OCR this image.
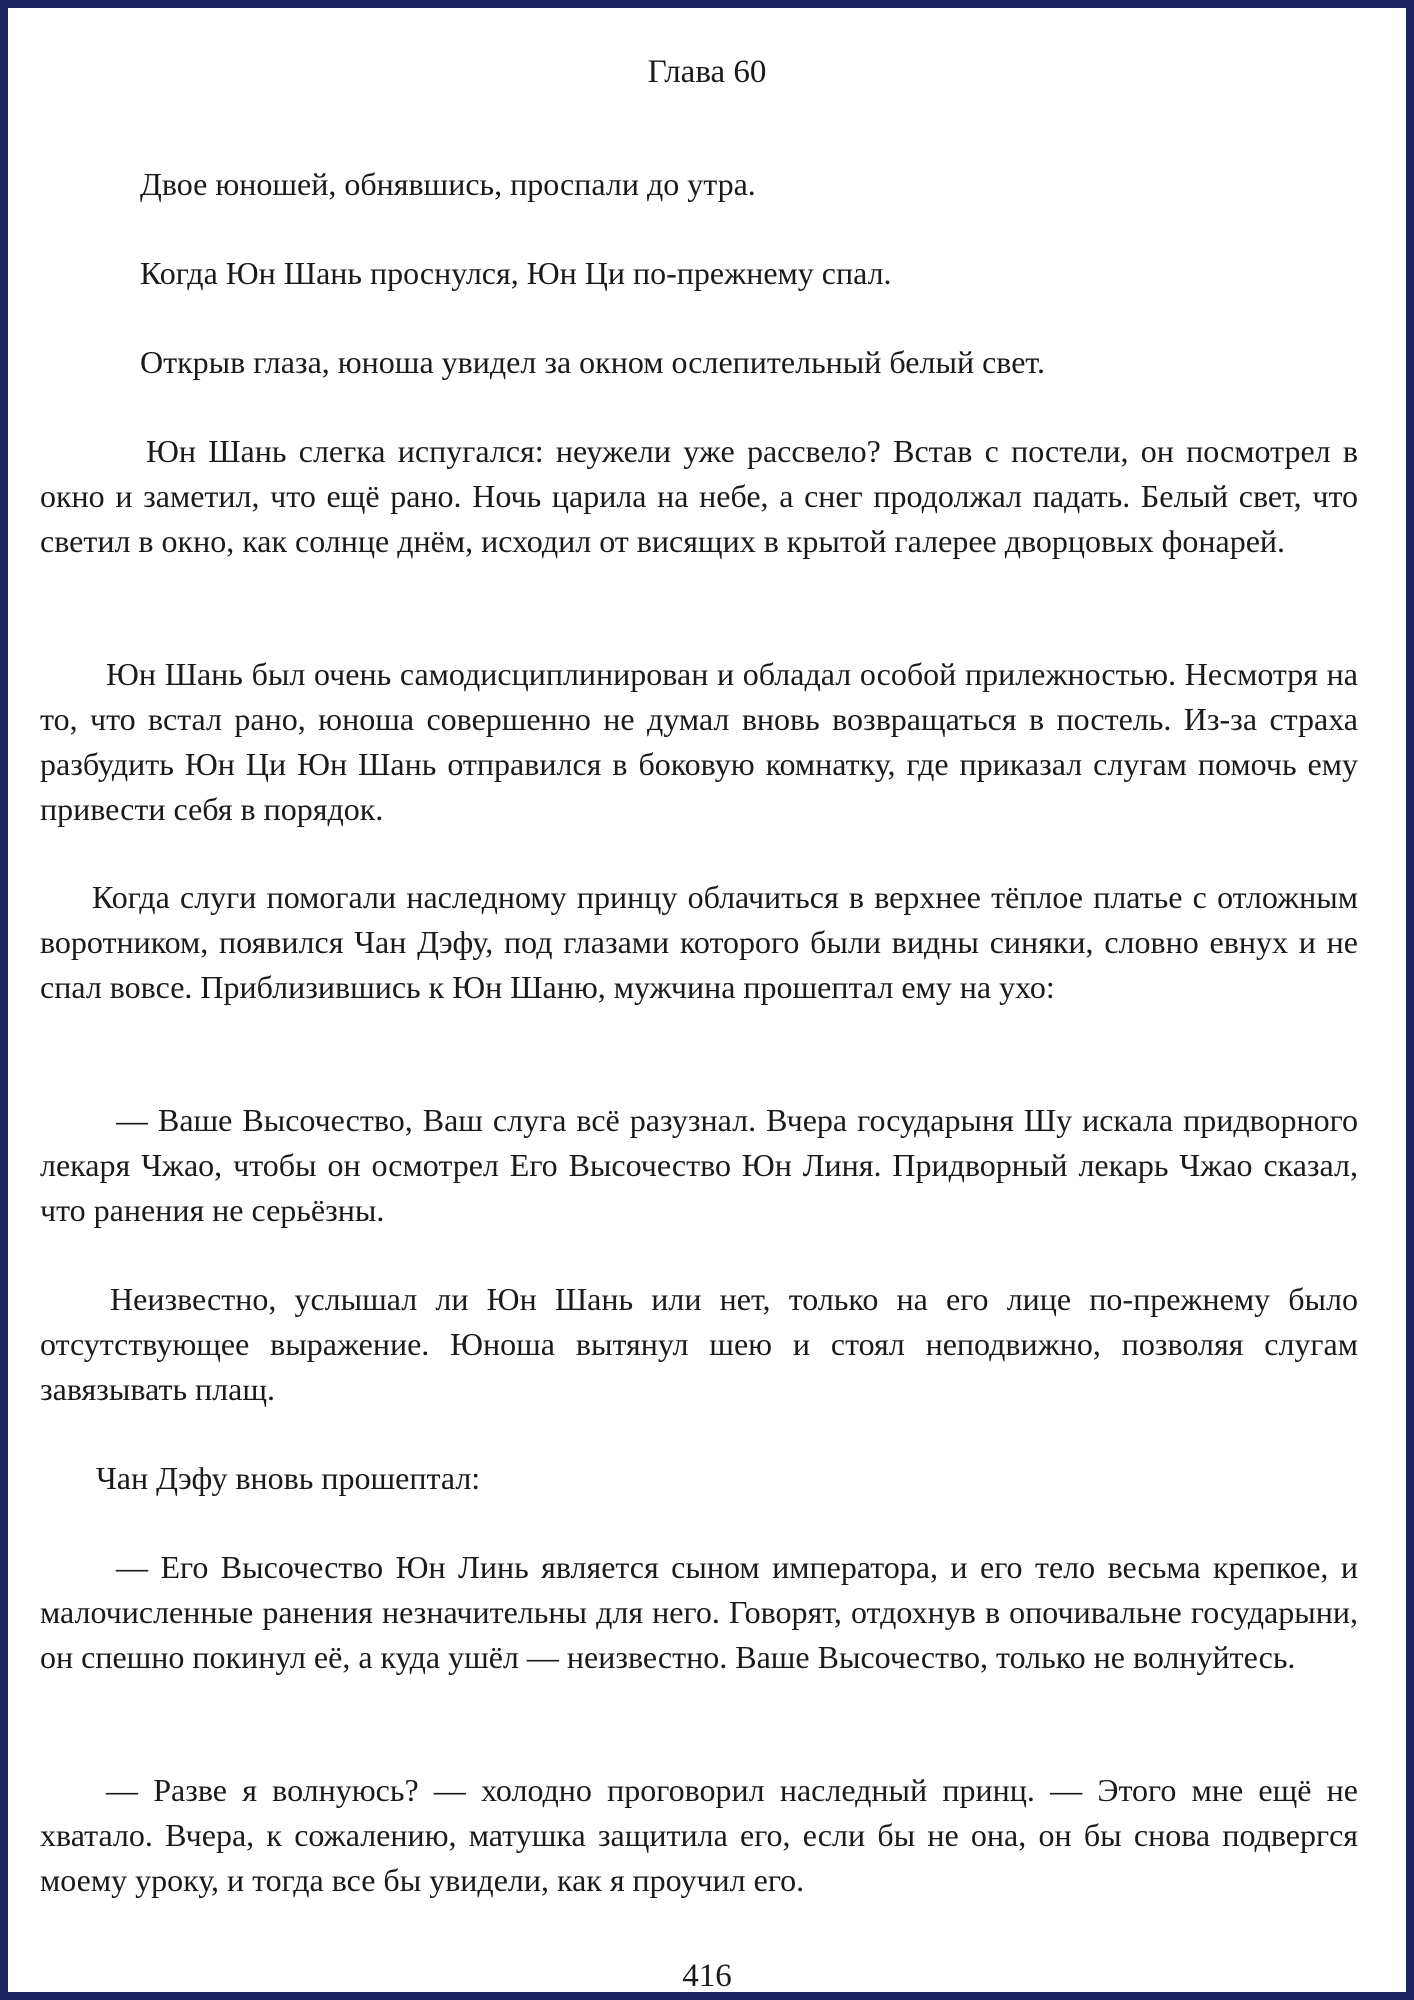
Глава 60

Двое юношей, обнявшись, проспали до утра.

Когда Юн Шань проснулся, Юн Ци по-прежнему спал.

Открыв глаза, юноша увидел за окном ослепительный белый свет.

Юн Шань слегка испугался: неужели уже рассвело? Встав с постели, он посмотрел в окно и заметил, что ещё рано. Ночь царила на небе, а снег продолжал падать. Белый свет, что светил в окно, как солнце днём, исходил от висящих в крытой галерее дворцовых фонарей.

Юн Шань был очень самодисциплинирован и обладал особой прилежностью. Несмотря на то, что встал рано, юноша совершенно не думал вновь возвращаться в постель. Из-за страха разбудить Юн Ци Юн Шань отправился в боковую комнатку, где приказал слугам помочь ему привести себя в порядок.

Когда слуги помогали наследному принцу облачиться в верхнее тёплое платье с отложным воротником, появился Чан Дэфу, под глазами которого были видны синяки, словно евнух и не спал вовсе. Приблизившись к Юн Шаню, мужчина прошептал ему на ухо:

— Ваше Высочество, Ваш слуга всё разузнал. Вчера государыня Шу искала придворного лекаря Чжао, чтобы он осмотрел Его Высочество Юн Линя. Придворный лекарь Чжао сказал, что ранения не серьёзны.

Неизвестно, услышал ли Юн Шань или нет, только на его лице по-прежнему было отсутствующее выражение. Юноша вытянул шею и стоял неподвижно, позволяя слугам завязывать плащ.

Чан Дэфу вновь прошептал:

— Его Высочество Юн Линь является сыном императора, и его тело весьма крепкое, и малочисленные ранения незначительны для него. Говорят, отдохнув в опочивальне государыни, он спешно покинул её, а куда ушёл — неизвестно. Ваше Высочество, только не волнуйтесь.

— Разве я волнуюсь? — холодно проговорил наследный принц. — Этого мне ещё не хватало. Вчера, к сожалению, матушка защитила его, если бы не она, он бы снова подвергся моему уроку, и тогда все бы увидели, как я проучил его.

416
